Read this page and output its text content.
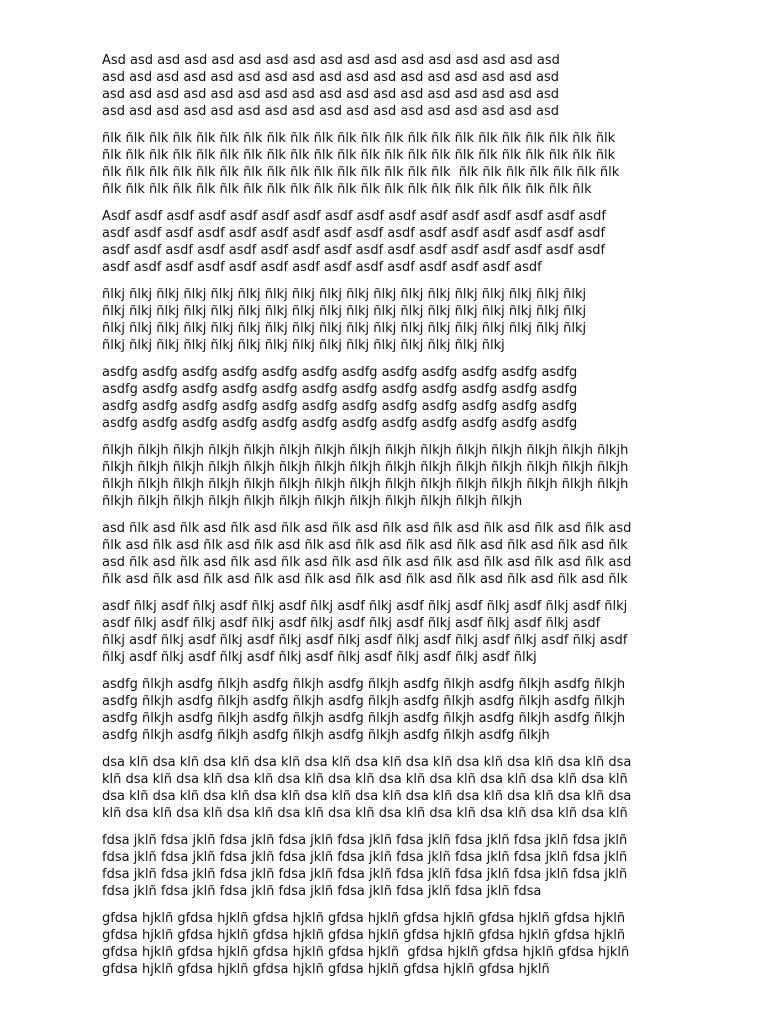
Asd asd asd asd asd asd asd asd asd asd asd asd asd asd asd asd asd
asd asd asd asd asd asd asd asd asd asd asd asd asd asd asd asd asd
asd asd asd asd asd asd asd asd asd asd asd asd asd asd asd asd asd
asd asd asd asd asd asd asd asd asd asd asd asd asd asd asd asd asd
ñlk ñlk ñlk ñlk ñlk ñlk ñlk ñlk ñlk ñlk ñlk ñlk ñlk ñlk ñlk ñlk ñlk ñlk ñlk ñlk ñlk ñlk
ñlk ñlk ñlk ñlk ñlk ñlk ñlk ñlk ñlk ñlk ñlk ñlk ñlk ñlk ñlk ñlk ñlk ñlk ñlk ñlk ñlk ñlk
ñlk ñlk ñlk ñlk ñlk ñlk ñlk ñlk ñlk ñlk ñlk ñlk ñlk ñlk ñlk  ñlk ñlk ñlk ñlk ñlk ñlk ñlk
ñlk ñlk ñlk ñlk ñlk ñlk ñlk ñlk ñlk ñlk ñlk ñlk ñlk ñlk ñlk ñlk ñlk ñlk ñlk ñlk ñlk
Asdf asdf asdf asdf asdf asdf asdf asdf asdf asdf asdf asdf asdf asdf asdf asdf
asdf asdf asdf asdf asdf asdf asdf asdf asdf asdf asdf asdf asdf asdf asdf asdf
asdf asdf asdf asdf asdf asdf asdf asdf asdf asdf asdf asdf asdf asdf asdf asdf
asdf asdf asdf asdf asdf asdf asdf asdf asdf asdf asdf asdf asdf asdf
ñlkj ñlkj ñlkj ñlkj ñlkj ñlkj ñlkj ñlkj ñlkj ñlkj ñlkj ñlkj ñlkj ñlkj ñlkj ñlkj ñlkj ñlkj
ñlkj ñlkj ñlkj ñlkj ñlkj ñlkj ñlkj ñlkj ñlkj ñlkj ñlkj ñlkj ñlkj ñlkj ñlkj ñlkj ñlkj ñlkj
ñlkj ñlkj ñlkj ñlkj ñlkj ñlkj ñlkj ñlkj ñlkj ñlkj ñlkj ñlkj ñlkj ñlkj ñlkj ñlkj ñlkj ñlkj
ñlkj ñlkj ñlkj ñlkj ñlkj ñlkj ñlkj ñlkj ñlkj ñlkj ñlkj ñlkj ñlkj ñlkj ñlkj
asdfg asdfg asdfg asdfg asdfg asdfg asdfg asdfg asdfg asdfg asdfg asdfg
asdfg asdfg asdfg asdfg asdfg asdfg asdfg asdfg asdfg asdfg asdfg asdfg
asdfg asdfg asdfg asdfg asdfg asdfg asdfg asdfg asdfg asdfg asdfg asdfg
asdfg asdfg asdfg asdfg asdfg asdfg asdfg asdfg asdfg asdfg asdfg asdfg
ñlkjh ñlkjh ñlkjh ñlkjh ñlkjh ñlkjh ñlkjh ñlkjh ñlkjh ñlkjh ñlkjh ñlkjh ñlkjh ñlkjh ñlkjh
ñlkjh ñlkjh ñlkjh ñlkjh ñlkjh ñlkjh ñlkjh ñlkjh ñlkjh ñlkjh ñlkjh ñlkjh ñlkjh ñlkjh ñlkjh
ñlkjh ñlkjh ñlkjh ñlkjh ñlkjh ñlkjh ñlkjh ñlkjh ñlkjh ñlkjh ñlkjh ñlkjh ñlkjh ñlkjh ñlkjh
ñlkjh ñlkjh ñlkjh ñlkjh ñlkjh ñlkjh ñlkjh ñlkjh ñlkjh ñlkjh ñlkjh ñlkjh
asd ñlk asd ñlk asd ñlk asd ñlk asd ñlk asd ñlk asd ñlk asd ñlk asd ñlk asd ñlk asd
ñlk asd ñlk asd ñlk asd ñlk asd ñlk asd ñlk asd ñlk asd ñlk asd ñlk asd ñlk asd ñlk
asd ñlk asd ñlk asd ñlk asd ñlk asd ñlk asd ñlk asd ñlk asd ñlk asd ñlk asd ñlk asd
ñlk asd ñlk asd ñlk asd ñlk asd ñlk asd ñlk asd ñlk asd ñlk asd ñlk asd ñlk asd ñlk
asdf ñlkj asdf ñlkj asdf ñlkj asdf ñlkj asdf ñlkj asdf ñlkj asdf ñlkj asdf ñlkj asdf ñlkj
asdf ñlkj asdf ñlkj asdf ñlkj asdf ñlkj asdf ñlkj asdf ñlkj asdf ñlkj asdf ñlkj asdf
ñlkj asdf ñlkj asdf ñlkj asdf ñlkj asdf ñlkj asdf ñlkj asdf ñlkj asdf ñlkj asdf ñlkj asdf
ñlkj asdf ñlkj asdf ñlkj asdf ñlkj asdf ñlkj asdf ñlkj asdf ñlkj asdf ñlkj
asdfg ñlkjh asdfg ñlkjh asdfg ñlkjh asdfg ñlkjh asdfg ñlkjh asdfg ñlkjh asdfg ñlkjh
asdfg ñlkjh asdfg ñlkjh asdfg ñlkjh asdfg ñlkjh asdfg ñlkjh asdfg ñlkjh asdfg ñlkjh
asdfg ñlkjh asdfg ñlkjh asdfg ñlkjh asdfg ñlkjh asdfg ñlkjh asdfg ñlkjh asdfg ñlkjh
asdfg ñlkjh asdfg ñlkjh asdfg ñlkjh asdfg ñlkjh asdfg ñlkjh asdfg ñlkjh
dsa klñ dsa klñ dsa klñ dsa klñ dsa klñ dsa klñ dsa klñ dsa klñ dsa klñ dsa klñ dsa
klñ dsa klñ dsa klñ dsa klñ dsa klñ dsa klñ dsa klñ dsa klñ dsa klñ dsa klñ dsa klñ
dsa klñ dsa klñ dsa klñ dsa klñ dsa klñ dsa klñ dsa klñ dsa klñ dsa klñ dsa klñ dsa
klñ dsa klñ dsa klñ dsa klñ dsa klñ dsa klñ dsa klñ dsa klñ dsa klñ dsa klñ dsa klñ
fdsa jklñ fdsa jklñ fdsa jklñ fdsa jklñ fdsa jklñ fdsa jklñ fdsa jklñ fdsa jklñ fdsa jklñ
fdsa jklñ fdsa jklñ fdsa jklñ fdsa jklñ fdsa jklñ fdsa jklñ fdsa jklñ fdsa jklñ fdsa jklñ
fdsa jklñ fdsa jklñ fdsa jklñ fdsa jklñ fdsa jklñ fdsa jklñ fdsa jklñ fdsa jklñ fdsa jklñ
fdsa jklñ fdsa jklñ fdsa jklñ fdsa jklñ fdsa jklñ fdsa jklñ fdsa jklñ fdsa
gfdsa hjklñ gfdsa hjklñ gfdsa hjklñ gfdsa hjklñ gfdsa hjklñ gfdsa hjklñ gfdsa hjklñ
gfdsa hjklñ gfdsa hjklñ gfdsa hjklñ gfdsa hjklñ gfdsa hjklñ gfdsa hjklñ gfdsa hjklñ
gfdsa hjklñ gfdsa hjklñ gfdsa hjklñ gfdsa hjklñ  gfdsa hjklñ gfdsa hjklñ gfdsa hjklñ
gfdsa hjklñ gfdsa hjklñ gfdsa hjklñ gfdsa hjklñ gfdsa hjklñ gfdsa hjklñ
